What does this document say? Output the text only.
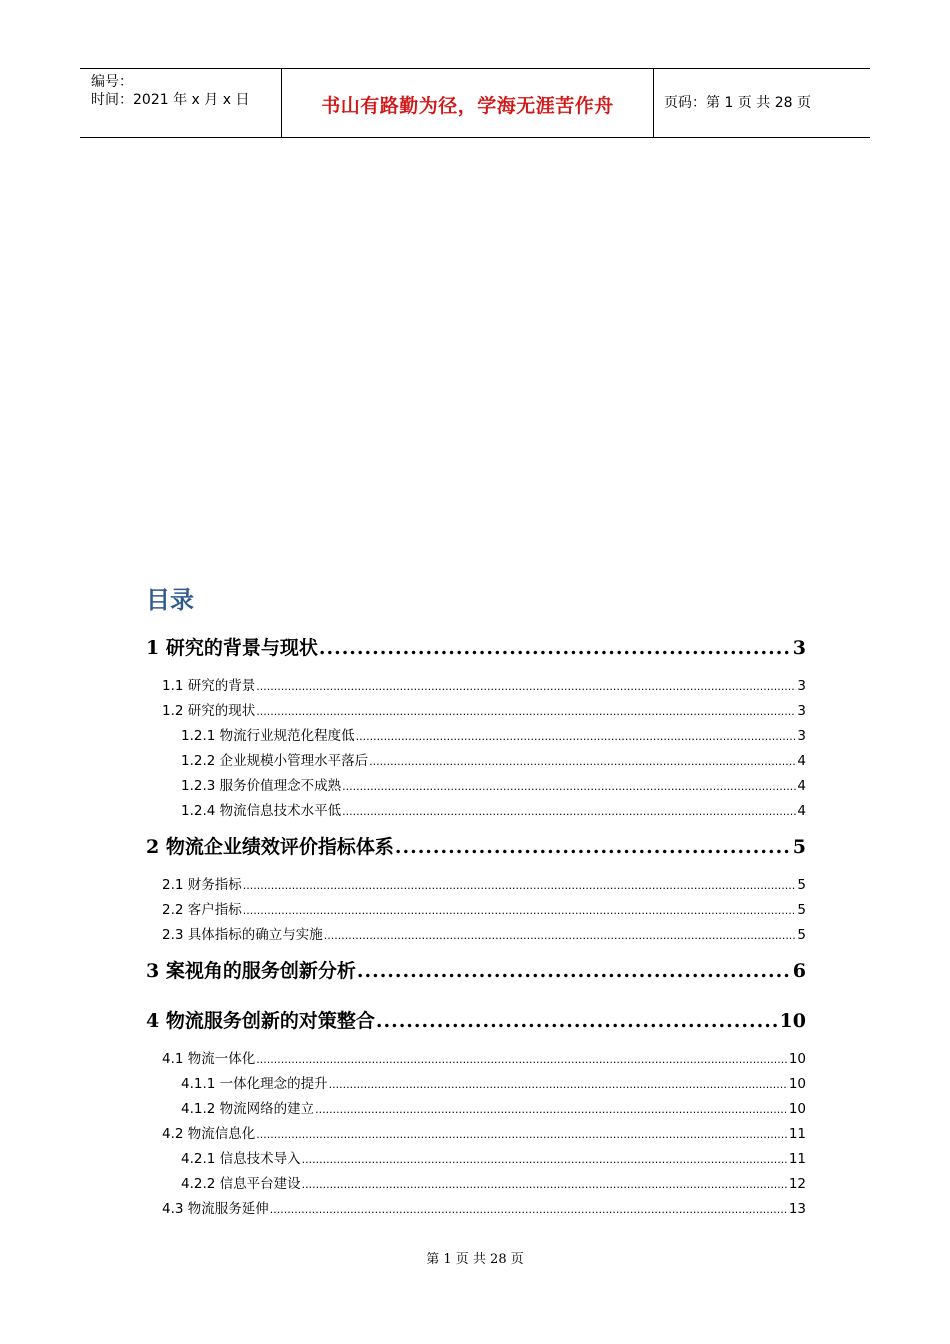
编号：
时间：2021 年 x 月 x 日	书山有路勤为径，学海无涯苦作舟	页码：第 1 页 共 28 页
目录
1 研究的背景与现状 .....	3
1.1 研究的背景 .....	3
1.2 研究的现状 .....	3
1.2.1 物流行业规范化程度低 .....	3
1.2.2 企业规模小管理水平落后 .....	4
1.2.3 服务价值理念不成熟 .....	4
1.2.4 物流信息技术水平低 .....	4
2 物流企业绩效评价指标体系 .....	5
2.1 财务指标 .....	5
2.2 客户指标 .....	5
2.3 具体指标的确立与实施 .....	5
3 案视角的服务创新分析 .....	6
4 物流服务创新的对策整合 .....	10
4.1 物流一体化 .....	10
4.1.1 一体化理念的提升 .....	10
4.1.2 物流网络的建立 .....	10
4.2 物流信息化 .....	11
4.2.1 信息技术导入 .....	11
4.2.2 信息平台建设 .....	12
4.3 物流服务延伸 .....	13
第 1 页 共 28 页
